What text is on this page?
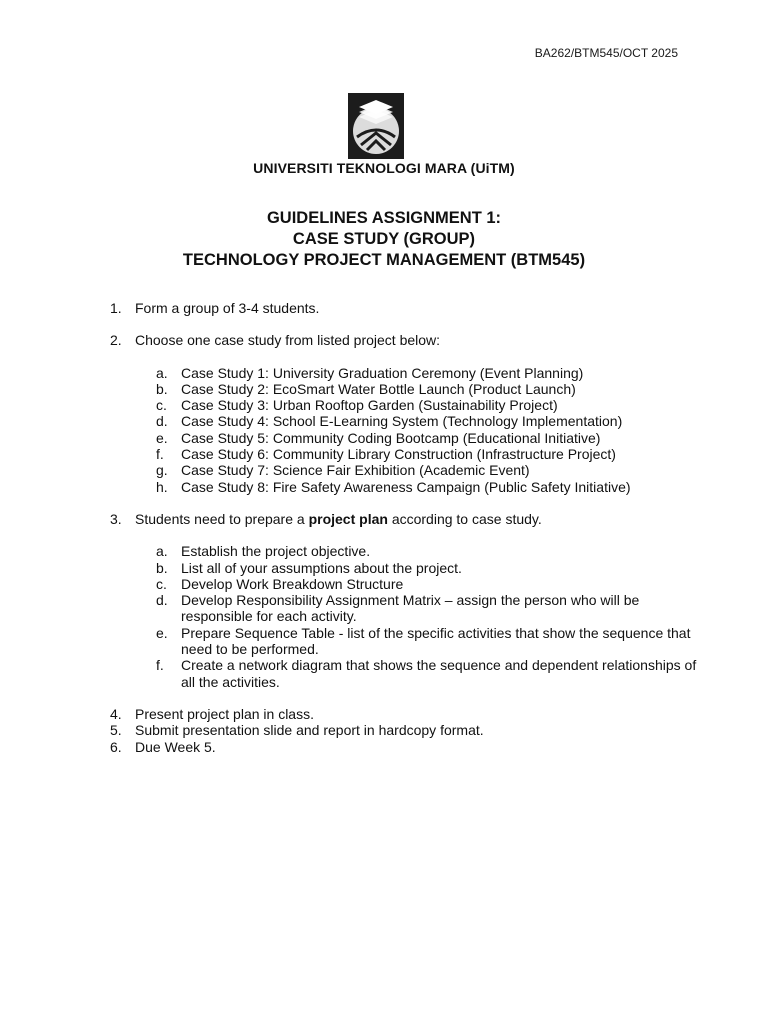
BA262/BTM545/OCT 2025
UNIVERSITI TEKNOLOGI MARA (UiTM)
GUIDELINES ASSIGNMENT 1:
CASE STUDY (GROUP)
TECHNOLOGY PROJECT MANAGEMENT (BTM545)
1. Form a group of 3-4 students.
2. Choose one case study from listed project below:
a. Case Study 1: University Graduation Ceremony (Event Planning)
b. Case Study 2: EcoSmart Water Bottle Launch (Product Launch)
c.	Case Study 3: Urban Rooftop Garden (Sustainability Project)
d. Case Study 4: School E-Learning System (Technology Implementation)
e. Case Study 5: Community Coding Bootcamp (Educational Initiative)
f.	Case Study 6: Community Library Construction (Infrastructure Project)
g. Case Study 7: Science Fair Exhibition (Academic Event)
h. Case Study 8: Fire Safety Awareness Campaign (Public Safety Initiative)
3. Students need to prepare a project plan according to case study.
a. Establish the project objective.
b. List all of your assumptions about the project.
c.	Develop Work Breakdown Structure
d. Develop Responsibility Assignment Matrix – assign the person who will be responsible for each activity.
e. Prepare Sequence Table - list of the specific activities that show the sequence that need to be performed.
f.	Create a network diagram that shows the sequence and dependent relationships of all the activities.
4. Present project plan in class.
5. Submit presentation slide and report in hardcopy format.
6. Due Week 5.
